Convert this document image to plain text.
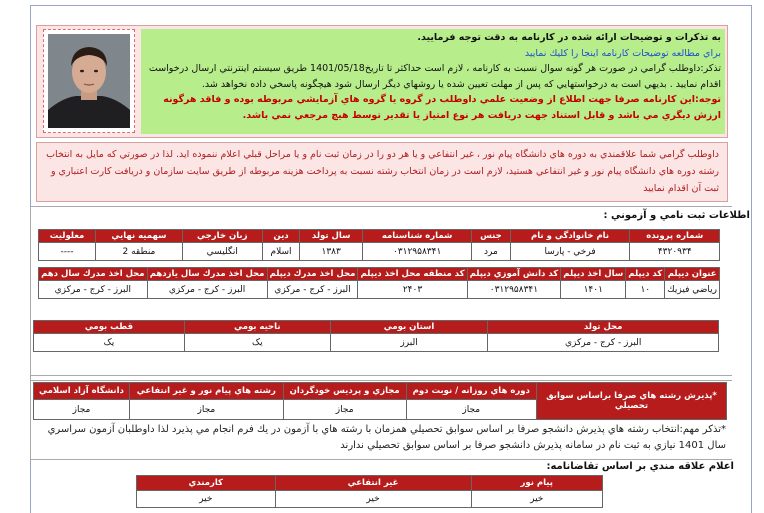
به تذكرات و توضيحات ارائه شده در كارنامه به دقت توجه فرماييد.
براي مطالعه توضيحات كارنامه اينجا را كليك نماييد
تذكر:داوطلب گرامي در صورت هر گونه سوال نسبت به كارنامه ، لازم است حداكثر تا تاريخ1401/05/18 طريق سيستم اينترنتي ارسال درخواست اقدام نماييد . بديهي است به درخواستهايي كه پس از مهلت تعيين شده يا روشهاي ديگر ارسال شود هيچگونه پاسخي داده نخواهد شد.
توجه:اين كارنامه صرفا جهت اطلاع از وضعيت علمي داوطلب در گروه يا گروه هاي آزمايشي مربوطه بوده و فاقد هرگونه ارزش ديگري مي باشد و قابل استناد جهت دريافت هر نوع امتياز يا تقدير توسط هيچ مرجعي نمي باشد.
داوطلب گرامي شما علاقمندي به دوره هاي دانشگاه پيام نور ، غير انتفاعي و يا هر دو را در زمان ثبت نام و يا مراحل قبلي اعلام ننموده ايد. لذا در صورتي كه مايل به انتخاب رشته دوره هاي دانشگاه پيام نور و غير انتفاعي هستيد، لازم است در زمان انتخاب رشته نسبت به پرداخت هزينه مربوطه از طريق سايت سازمان و دريافت كارت اعتباري و ثبت آن اقدام نماييد
اطلاعات ثبت نامي و آزموني :
شماره پرونده	نام خانوادگي و نام	جنس	شماره شناسنامه	سال تولد	دين	زبان خارجي	سهميه نهايي	معلوليت
۴۳۲۰۹۳۴	فرخي - پارسا	مرد	۰۳۱۲۹۵۸۳۴۱	۱۳۸۳	اسلام	انگليسي	منطقه 2	----
عنوان ديپلم	كد ديپلم	سال اخذ ديپلم	كد دانش آموزي ديپلم	كد منطقه محل اخذ ديپلم	محل اخذ مدرك ديپلم	محل اخذ مدرك سال يازدهم	محل اخذ مدرك سال دهم
رياضي فيزيك	۱۰	۱۴۰۱	۰۳۱۲۹۵۸۳۴۱	۲۴۰۳	البرز - كرج - مركزي	البرز - كرج - مركزي	البرز - كرج - مركزي
محل تولد	استان بومي	ناحيه بومي	قطب بومي
البرز - كرج - مركزي	البرز	يک	يک
*پذيرش رشته هاي صرفا براساس سوابق تحصيلي	دوره هاي روزانه / نوبت دوم	مجازي و پرديس خودگردان	رشته هاي پيام نور و غير انتفاعي	دانشگاه آزاد اسلامي
	مجاز	مجاز	مجاز	مجاز
*تذكر مهم:انتخاب رشته هاي پذيرش دانشجو صرفا بر اساس سوابق تحصيلي همزمان با رشته هاي با آزمون در يك فرم انجام مي پذيرد لذا داوطلبان آزمون سراسري سال 1401 نيازي به ثبت نام در سامانه پذيرش دانشجو صرفا بر اساس سوابق تحصيلي ندارند
اعلام علاقه مندي بر اساس تقاضانامه:
پيام نور	غير انتفاعي	كارمندي
خير	خير	خير
